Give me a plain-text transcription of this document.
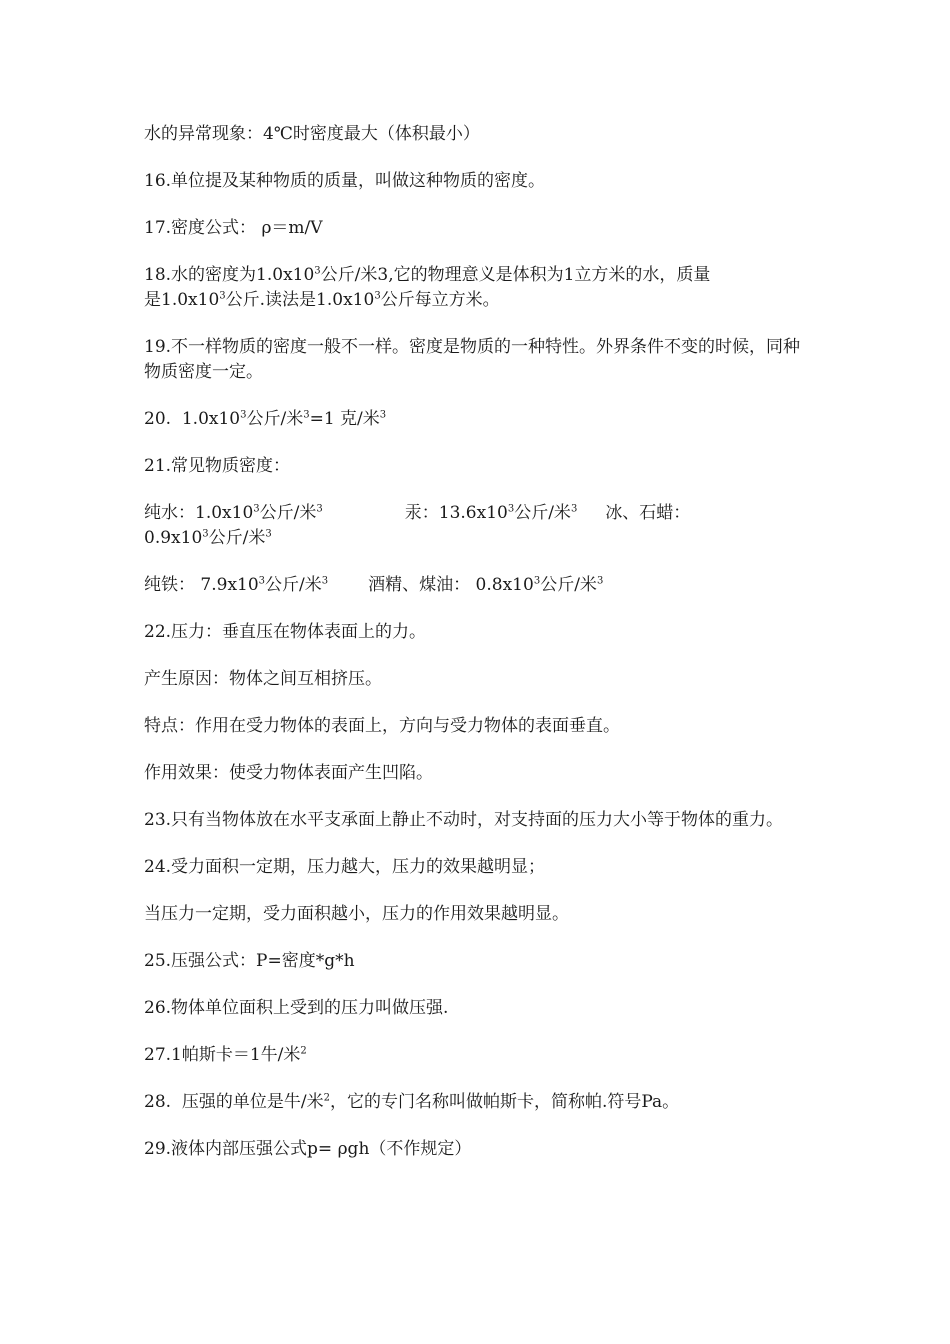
水的异常现象：4℃时密度最大（体积最小）

16.单位提及某种物质的质量，叫做这种物质的密度。

17.密度公式： ρ＝m/V

18.水的密度为$1.0x10^3$公斤/米3,它的物理意义是体积为1立方米的水，质量
是$1.0x10^3$公斤.读法是$1.0x10^3$公斤每立方米。

19.不一样物质的密度一般不一样。密度是物质的一种特性。外界条件不变的时候，同种物质密度一定。

20.  $1.0x10^3$公斤/米$^3$=1 克/米$^3$

21.常见物质密度：

纯水：$1.0x10^3$公斤/米$^3$	汞：$13.6x10^3$公斤/米$^3$ 冰、石蜡：
$0.9x10^3$公斤/米$^3$

纯铁： $7.9x10^3$公斤/米$^3$ 酒精、煤油： $0.8x10^3$公斤/米$^3$

22.压力：垂直压在物体表面上的力。

产生原因：物体之间互相挤压。

特点：作用在受力物体的表面上，方向与受力物体的表面垂直。

作用效果：使受力物体表面产生凹陷。

23.只有当物体放在水平支承面上静止不动时，对支持面的压力大小等于物体的重力。

24.受力面积一定期，压力越大，压力的效果越明显；

当压力一定期，受力面积越小，压力的作用效果越明显。

25.压强公式：P=密度*g*h

26.物体单位面积上受到的压力叫做压强.

27.1帕斯卡＝1牛/米$^2$

28.  压强的单位是牛/米$^2$，它的专门名称叫做帕斯卡，简称帕.符号Pa。

29.液体内部压强公式p= ρgh（不作规定）
